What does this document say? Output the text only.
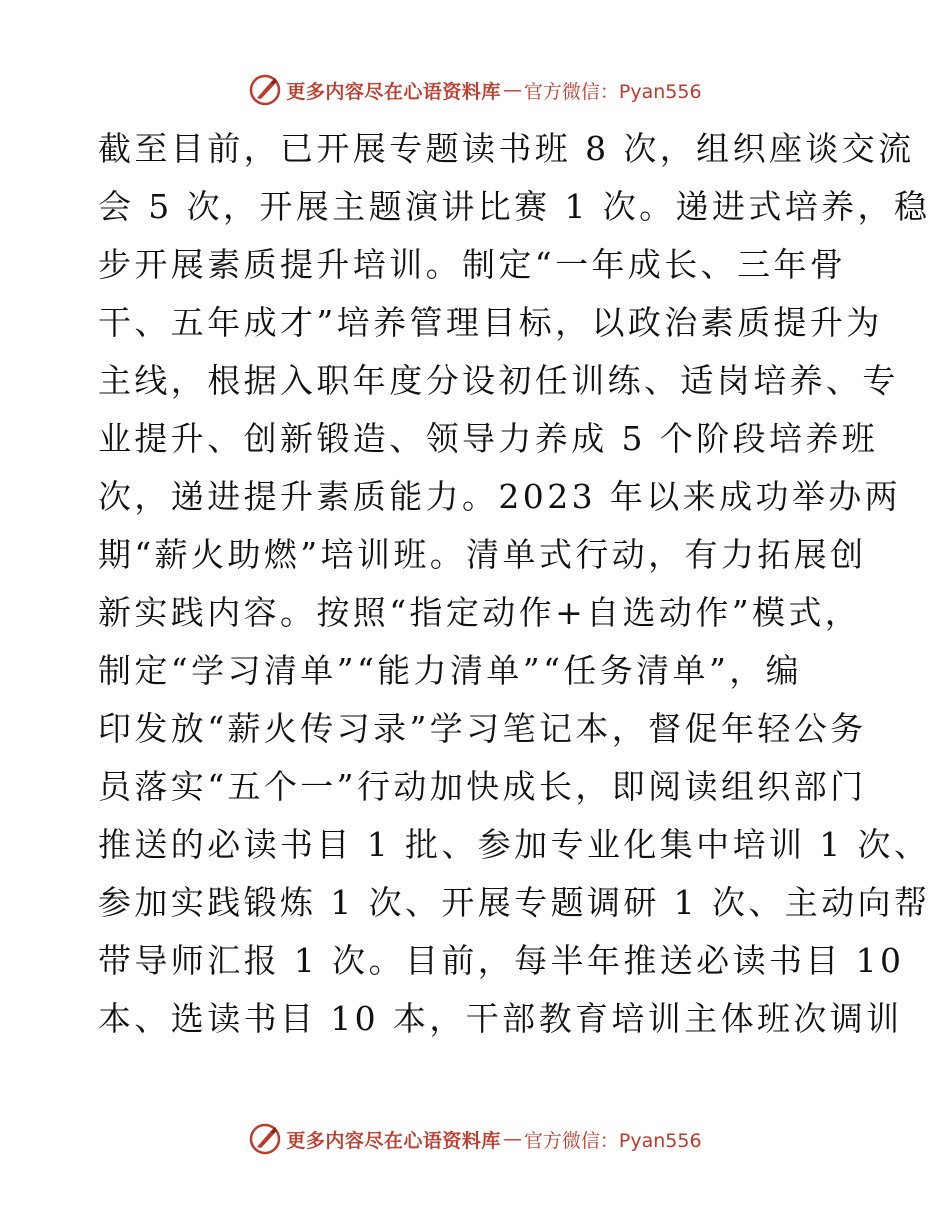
更多内容尽在心语资料库 — 官方微信：Pyan556
截至目前，已开展专题读书班 8 次，组织座谈交流
会 5 次，开展主题演讲比赛 1 次。递进式培养，稳
步开展素质提升培训。制定“一年成长、三年骨
干、五年成才”培养管理目标，以政治素质提升为
主线，根据入职年度分设初任训练、适岗培养、专
业提升、创新锻造、领导力养成 5 个阶段培养班
次，递进提升素质能力。2023 年以来成功举办两
期“薪火助燃”培训班。清单式行动，有力拓展创
新实践内容。按照“指定动作+自选动作”模式，
制定“学习清单”“能力清单”“任务清单”，编
印发放“薪火传习录”学习笔记本，督促年轻公务
员落实“五个一”行动加快成长，即阅读组织部门
推送的必读书目 1 批、参加专业化集中培训 1 次、
参加实践锻炼 1 次、开展专题调研 1 次、主动向帮
带导师汇报 1 次。目前，每半年推送必读书目 10
本、选读书目 10 本，干部教育培训主体班次调训
更多内容尽在心语资料库 — 官方微信：Pyan556
